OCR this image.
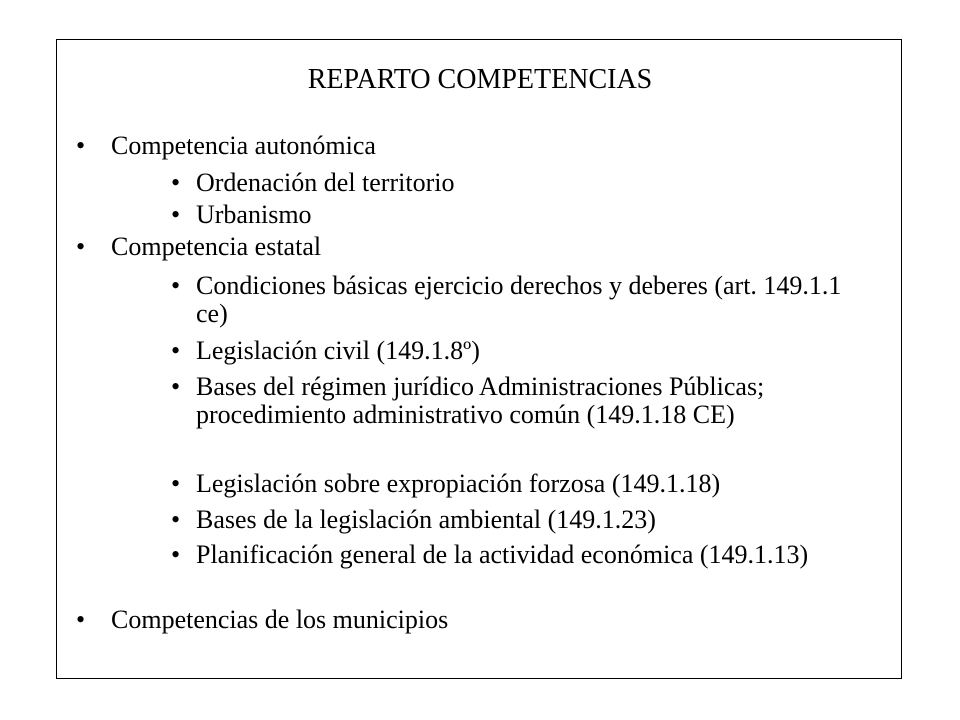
REPARTO COMPETENCIAS
• Competencia autonómica
• Ordenación del territorio
• Urbanismo
• Competencia estatal
• Condiciones básicas ejercicio derechos y deberes (art. 149.1.1 ce)
• Legislación civil (149.1.8º)
• Bases del régimen jurídico Administraciones Públicas; procedimiento administrativo común (149.1.18 CE)
• Legislación sobre expropiación forzosa (149.1.18)
• Bases de la legislación ambiental (149.1.23)
• Planificación general de la actividad económica (149.1.13)
• Competencias de los municipios
